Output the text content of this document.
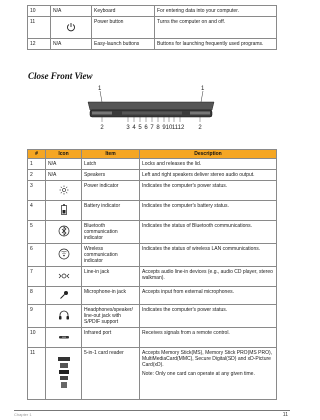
10	N/A	Keyboard	For entering data into your computer.
11		Power button	Turns the computer on and off.
12	N/A	Easy-launch buttons	Buttons for launching frequently used programs.
Close Front View
1	1
2	3 4 5 6 7 8 9 10 11 12 2
#	Icon	Item	Description
1	N/A	Latch	Locks and releases the lid.
2	N/A	Speakers	Left and right speakers deliver stereo audio output.
3		Power indicator	Indicates the computer's power status.
4		Battery indicator	Indicates the computer's battery status.
5		Bluetooth communication indicator	Indicates the status of Bluetooth communications.
6		Wireless communication indicator	Indicates the status of wireless LAN communications.
7		Line-in jack	Accepts audio line-in devices (e.g., audio CD player, stereo walkman).
8		Microphone-in jack	Accepts input from external microphones.
9		Headphones/speaker/ line-out jack with S/PDIF support	Indicates the computer's power status.
10		Infrared port	Receives signals from a remote control.
11		5-in-1 card reader	Accepts Memory Stick(MS), Memory Stick PRO(MS PRO), MultiMediaCard(MMC), Secure Digital(SD) and xD-Picture Card(xD).
Note: Only one card can operate at any given time.
Chapter 1	11
